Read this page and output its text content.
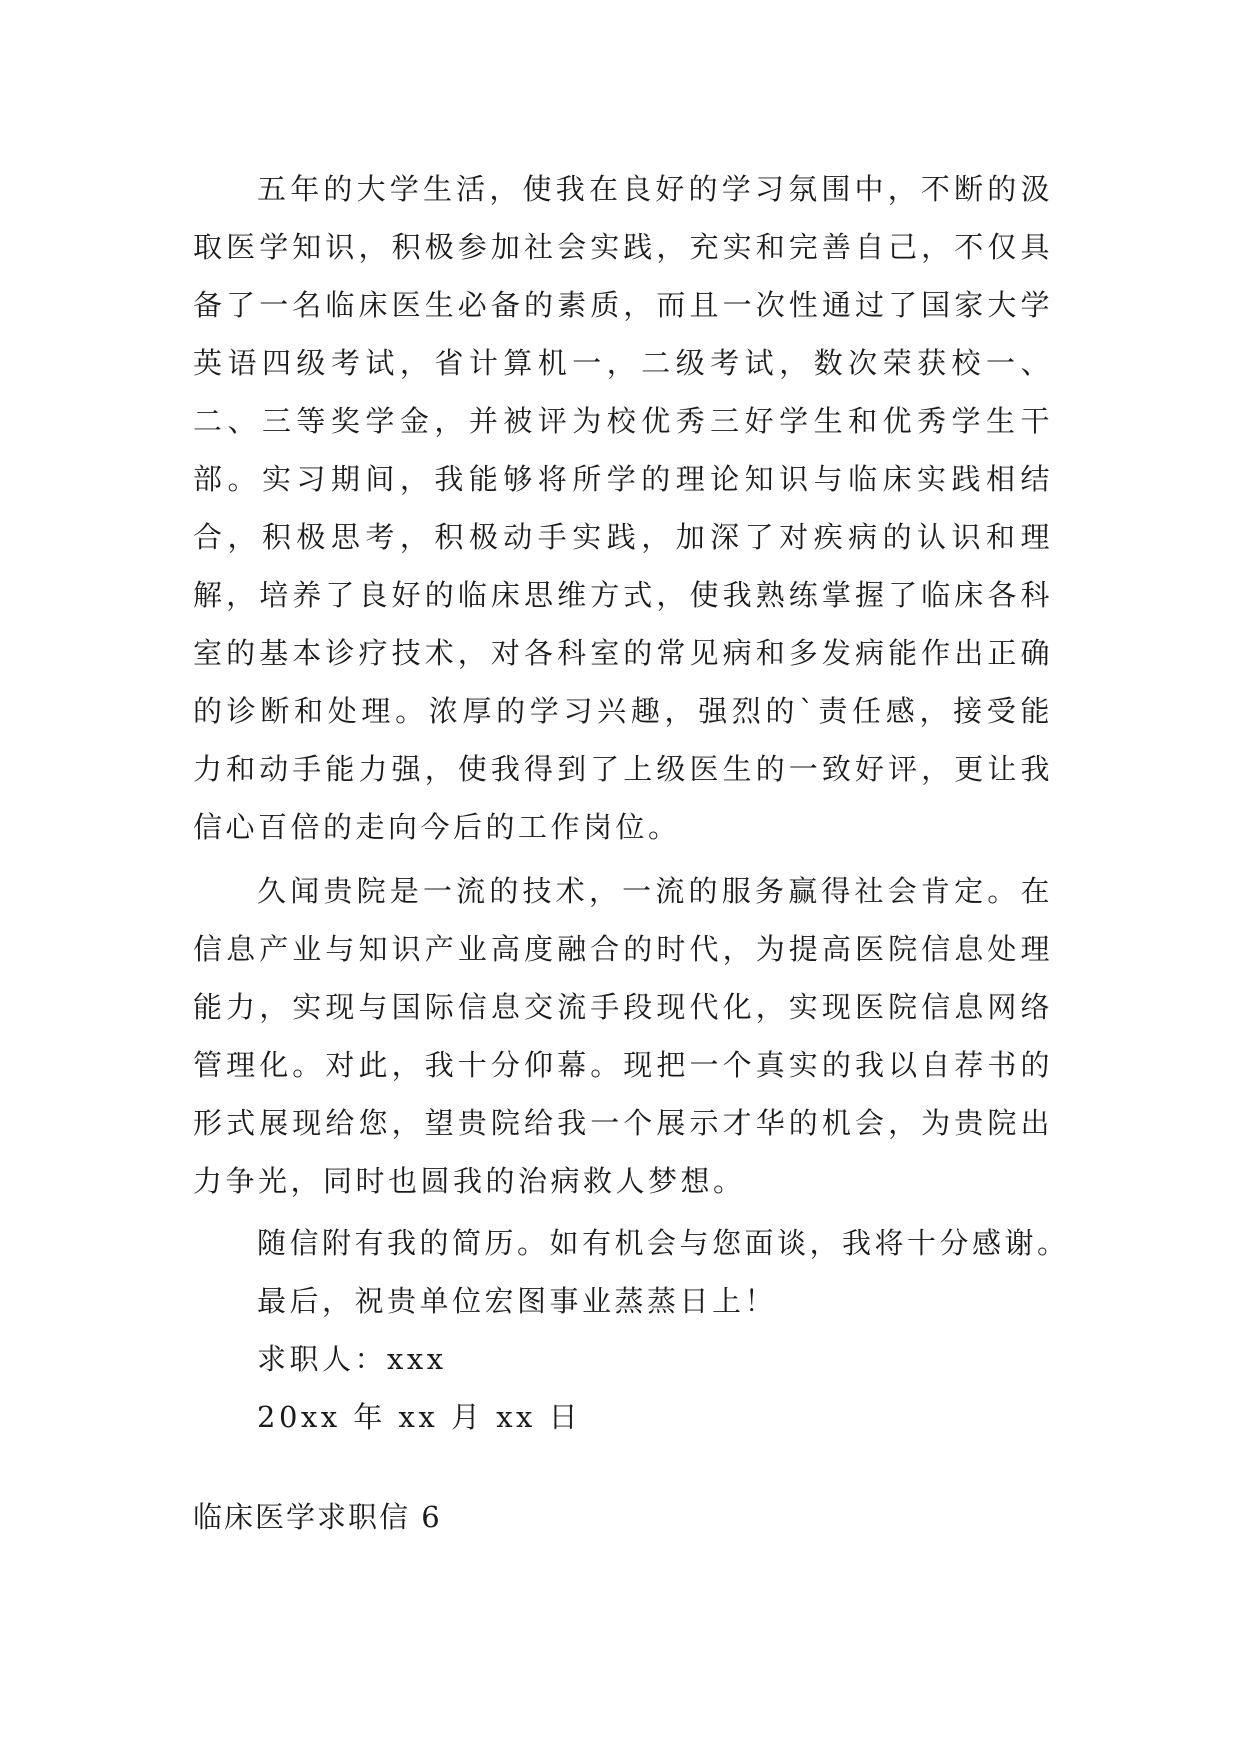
五年的大学生活，使我在良好的学习氛围中，不断的汲取医学知识，积极参加社会实践，充实和完善自己，不仅具备了一名临床医生必备的素质，而且一次性通过了国家大学英语四级考试，省计算机一，二级考试，数次荣获校一、二、三等奖学金，并被评为校优秀三好学生和优秀学生干部。实习期间，我能够将所学的理论知识与临床实践相结合，积极思考，积极动手实践，加深了对疾病的认识和理解，培养了良好的临床思维方式，使我熟练掌握了临床各科室的基本诊疗技术，对各科室的常见病和多发病能作出正确的诊断和处理。浓厚的学习兴趣，强烈的`责任感，接受能力和动手能力强，使我得到了上级医生的一致好评，更让我信心百倍的走向今后的工作岗位。

久闻贵院是一流的技术，一流的服务赢得社会肯定。在信息产业与知识产业高度融合的时代，为提高医院信息处理能力，实现与国际信息交流手段现代化，实现医院信息网络管理化。对此，我十分仰幕。现把一个真实的我以自荐书的形式展现给您，望贵院给我一个展示才华的机会，为贵院出力争光，同时也圆我的治病救人梦想。

随信附有我的简历。如有机会与您面谈，我将十分感谢。

最后，祝贵单位宏图事业蒸蒸日上！

求职人：xxx

20xx 年 xx 月 xx 日

临床医学求职信 6
